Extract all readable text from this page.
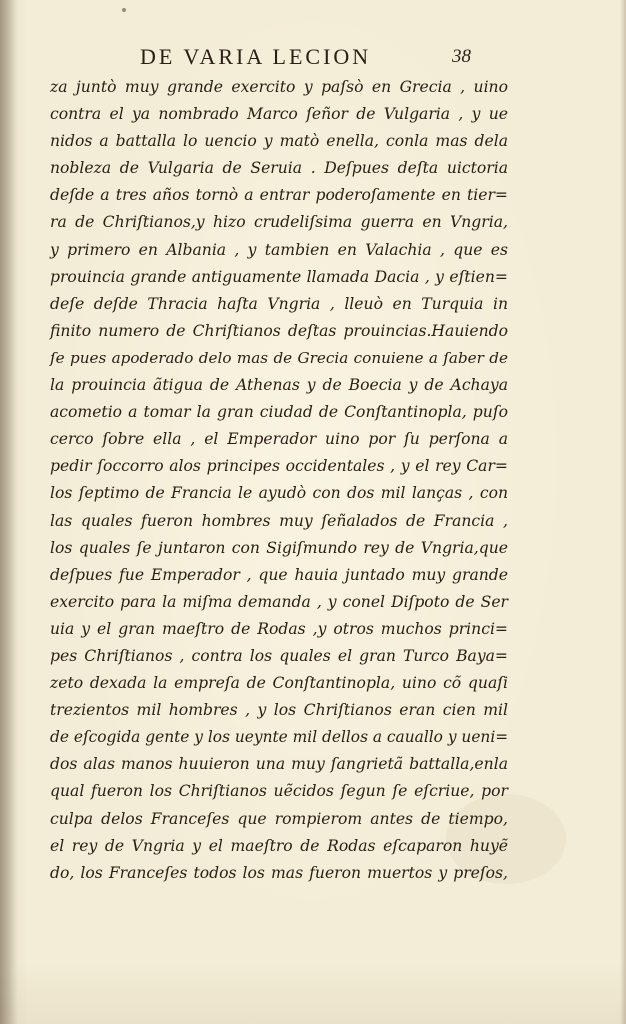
DE VARIA LECION	38
za juntò muy grande exercito y paſsò en Grecia , uino
contra el ya nombrado Marco ſeñor de Vulgaria , y ue
nidos a battalla lo uencio y matò enella, conla mas dela
nobleza de Vulgaria de Seruia . Deſpues deſta uictoria
deſde a tres años tornò a entrar poderoſamente en tier=
ra de Chriſtianos,y hizo crudeliſsima guerra en Vngria,
y primero en Albania , y tambien en Valachia , que es
prouincia grande antiguamente llamada Dacia , y eſtien=
deſe deſde Thracia haſta Vngria , lleuò en Turquia in
finito numero de Chriſtianos deſtas prouincias.Hauiendo
ſe pues apoderado delo mas de Grecia conuiene a ſaber de
la prouincia ãtigua de Athenas y de Boecia y de Achaya
acometio a tomar la gran ciudad de Conſtantinopla, puſo
cerco ſobre ella , el Emperador uino por ſu perſona a
pedir ſoccorro alos principes occidentales , y el rey Car=
los ſeptimo de Francia le ayudò con dos mil lanças , con
las quales fueron hombres muy ſeñalados de Francia ,
los quales ſe juntaron con Sigiſmundo rey de Vngria,que
deſpues fue Emperador , que hauia juntado muy grande
exercito para la miſma demanda , y conel Diſpoto de Ser
uia y el gran maeſtro de Rodas ,y otros muchos princi=
pes Chriſtianos , contra los quales el gran Turco Baya=
zeto dexada la empreſa de Conſtantinopla, uino cõ quaſi
trezientos mil hombres , y los Chriſtianos eran cien mil
de eſcogida gente y los ueynte mil dellos a cauallo y ueni=
dos alas manos huuieron una muy ſangrietã battalla,enla
qual fueron los Chriſtianos uẽcidos ſegun ſe eſcriue, por
culpa delos Franceſes que rompierom antes de tiempo,
el rey de Vngria y el maeſtro de Rodas eſcaparon huyẽ
do, los Franceſes todos los mas fueron muertos y preſos,
